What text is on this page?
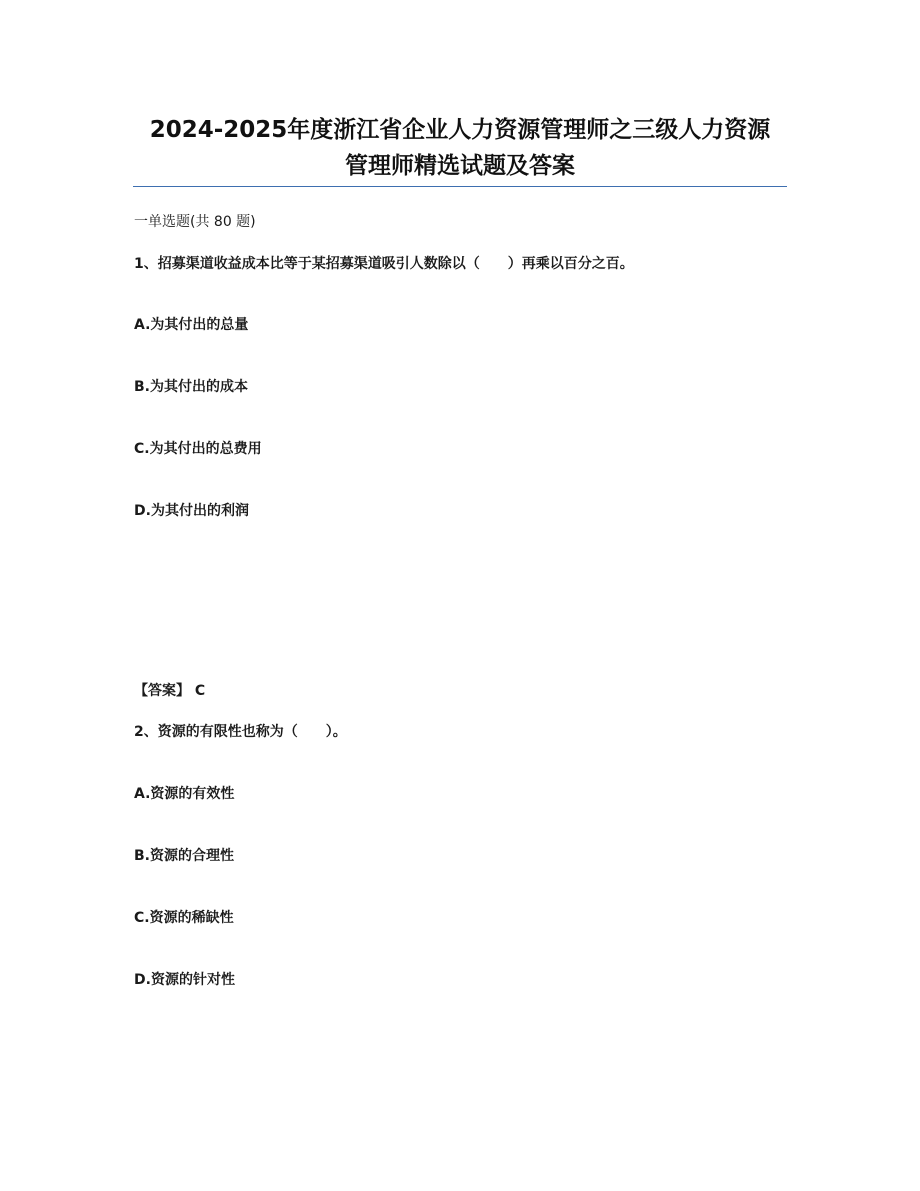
2024-2025年度浙江省企业人力资源管理师之三级人力资源
管理师精选试题及答案
一单选题(共 80 题)
1、招募渠道收益成本比等于某招募渠道吸引人数除以（　　）再乘以百分之百。
A.为其付出的总量
B.为其付出的成本
C.为其付出的总费用
D.为其付出的利润
【答案】 C
2、资源的有限性也称为（　　）。
A.资源的有效性
B.资源的合理性
C.资源的稀缺性
D.资源的针对性
